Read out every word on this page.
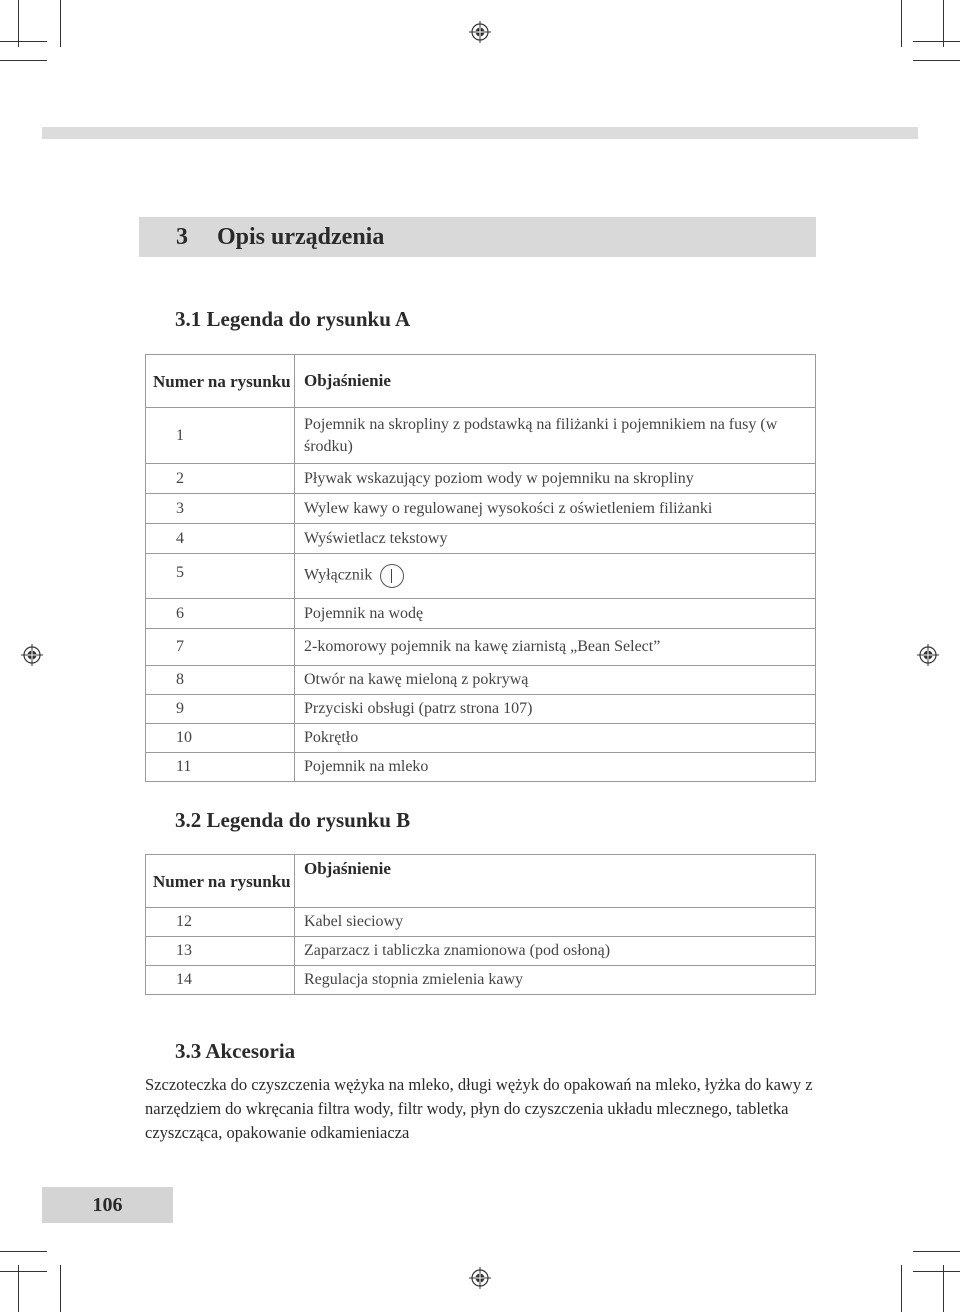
3	Opis urządzenia
3.1 Legenda do rysunku A
Numer na rysunku	Objaśnienie
1	Pojemnik na skropliny z podstawką na filiżanki i pojemnikiem na fusy (w środku)
2	Pływak wskazujący poziom wody w pojemniku na skropliny
3	Wylew kawy o regulowanej wysokości z oświetleniem filiżanki
4	Wyświetlacz tekstowy
5	Wyłącznik
6	Pojemnik na wodę
7	2-komorowy pojemnik na kawę ziarnistą „Bean Select”
8	Otwór na kawę mieloną z pokrywą
9	Przyciski obsługi (patrz strona 107)
10	Pokrętło
11	Pojemnik na mleko
3.2 Legenda do rysunku B
Numer na rysunku	Objaśnienie
12	Kabel sieciowy
13	Zaparzacz i tabliczka znamionowa (pod osłoną)
14	Regulacja stopnia zmielenia kawy
3.3 Akcesoria
Szczoteczka do czyszczenia wężyka na mleko, długi wężyk do opakowań na mleko, łyżka do kawy z narzędziem do wkręcania filtra wody, filtr wody, płyn do czyszczenia układu mlecznego, tabletka czyszcząca, opakowanie odkamieniacza
106
